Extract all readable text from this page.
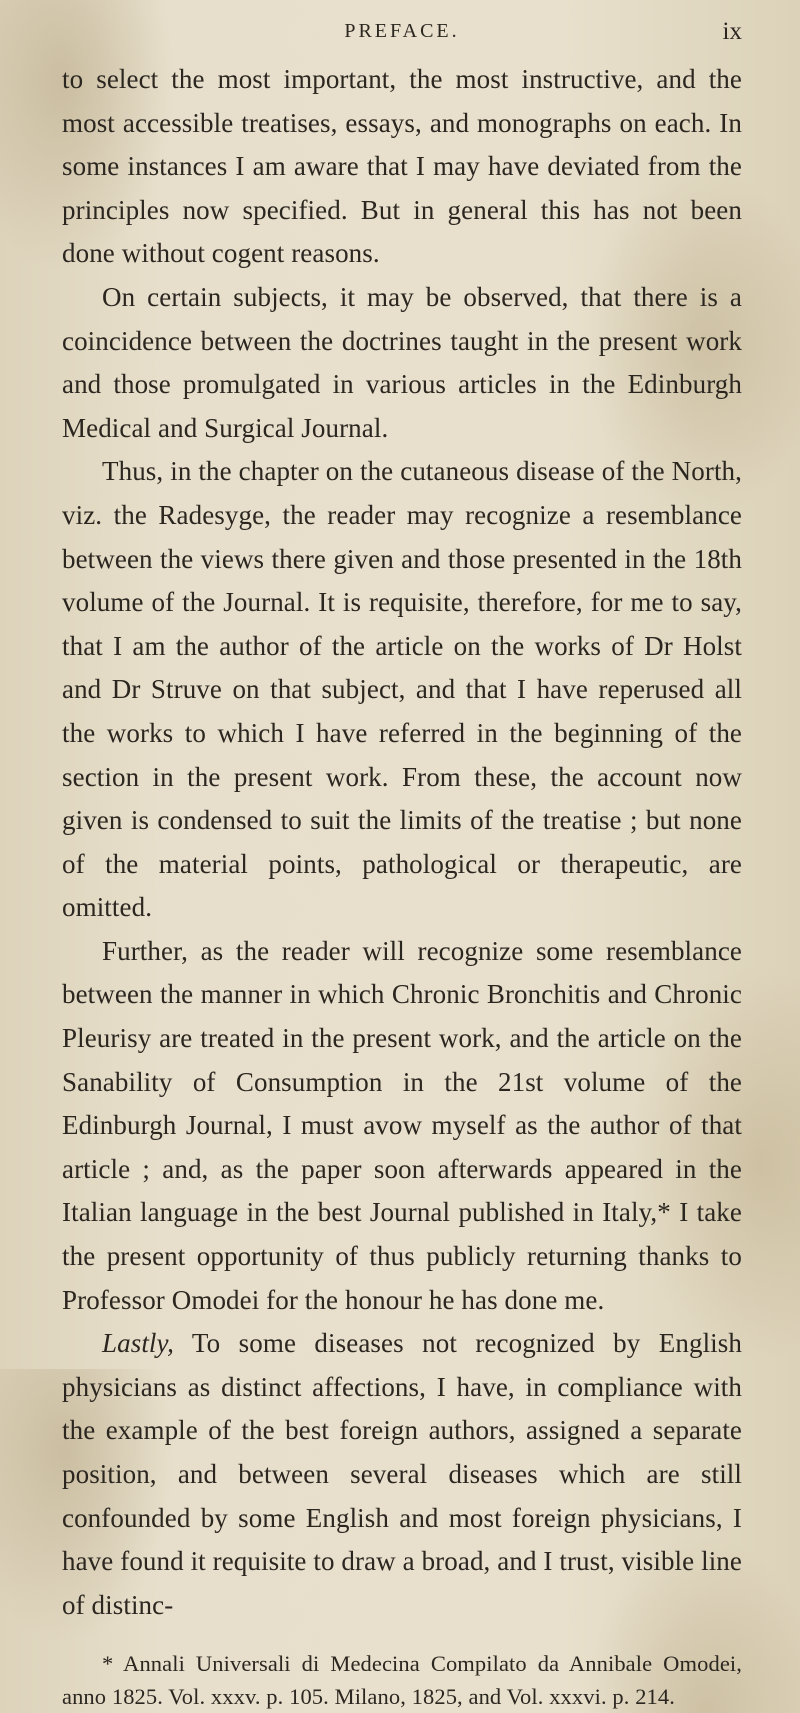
PREFACE.	ix

to select the most important, the most instructive, and the most accessible treatises, essays, and monographs on each. In some instances I am aware that I may have deviated from the principles now specified. But in general this has not been done without cogent reasons.

On certain subjects, it may be observed, that there is a coincidence between the doctrines taught in the present work and those promulgated in various articles in the Edinburgh Medical and Surgical Journal.

Thus, in the chapter on the cutaneous disease of the North, viz. the Radesyge, the reader may recognize a resemblance between the views there given and those presented in the 18th volume of the Journal. It is requisite, therefore, for me to say, that I am the author of the article on the works of Dr Holst and Dr Struve on that subject, and that I have reperused all the works to which I have referred in the beginning of the section in the present work. From these, the account now given is condensed to suit the limits of the treatise ; but none of the material points, pathological or therapeutic, are omitted.

Further, as the reader will recognize some resemblance between the manner in which Chronic Bronchitis and Chronic Pleurisy are treated in the present work, and the article on the Sanability of Consumption in the 21st volume of the Edinburgh Journal, I must avow myself as the author of that article ; and, as the paper soon afterwards appeared in the Italian language in the best Journal published in Italy,* I take the present opportunity of thus publicly returning thanks to Professor Omodei for the honour he has done me.

Lastly, To some diseases not recognized by English physicians as distinct affections, I have, in compliance with the example of the best foreign authors, assigned a separate position, and between several diseases which are still confounded by some English and most foreign physicians, I have found it requisite to draw a broad, and I trust, visible line of distinc-

* Annali Universali di Medecina Compilato da Annibale Omodei, anno 1825. Vol. xxxv. p. 105. Milano, 1825, and Vol. xxxvi. p. 214.
